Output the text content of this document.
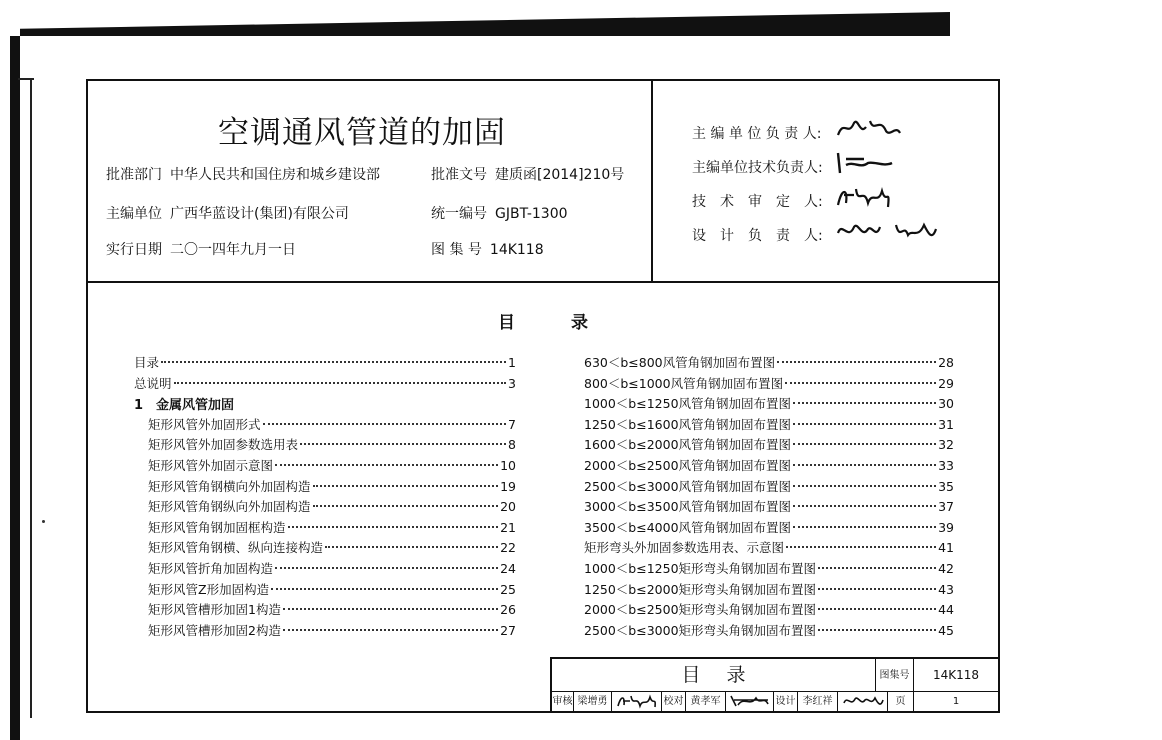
空调通风管道的加固
批准部门 中华人民共和国住房和城乡建设部	批准文号 建质函[2014]210号
主编单位 广西华蓝设计(集团)有限公司	统一编号 GJBT-1300
实行日期 二〇一四年九月一日	图 集 号 14K118
主 编 单 位 负 责 人:
主编单位技术负责人:
技　术　审　定　人:
设　计　负　责　人:
目	录
目录	1
总说明	3
1　金属风管加固
矩形风管外加固形式	7
矩形风管外加固参数选用表	8
矩形风管外加固示意图	10
矩形风管角钢横向外加固构造	19
矩形风管角钢纵向外加固构造	20
矩形风管角钢加固框构造	21
矩形风管角钢横、纵向连接构造	22
矩形风管折角加固构造	24
矩形风管Z形加固构造	25
矩形风管槽形加固1构造	26
矩形风管槽形加固2构造	27
630＜b≤800风管角钢加固布置图	28
800＜b≤1000风管角钢加固布置图	29
1000＜b≤1250风管角钢加固布置图	30
1250＜b≤1600风管角钢加固布置图	31
1600＜b≤2000风管角钢加固布置图	32
2000＜b≤2500风管角钢加固布置图	33
2500＜b≤3000风管角钢加固布置图	35
3000＜b≤3500风管角钢加固布置图	37
3500＜b≤4000风管角钢加固布置图	39
矩形弯头外加固参数选用表、示意图	41
1000＜b≤1250矩形弯头角钢加固布置图	42
1250＜b≤2000矩形弯头角钢加固布置图	43
2000＜b≤2500矩形弯头角钢加固布置图	44
2500＜b≤3000矩形弯头角钢加固布置图	45
目 录	图集号	14K118
审核 梁增勇	校对 黄孝军	设计 李红祥	页	1
